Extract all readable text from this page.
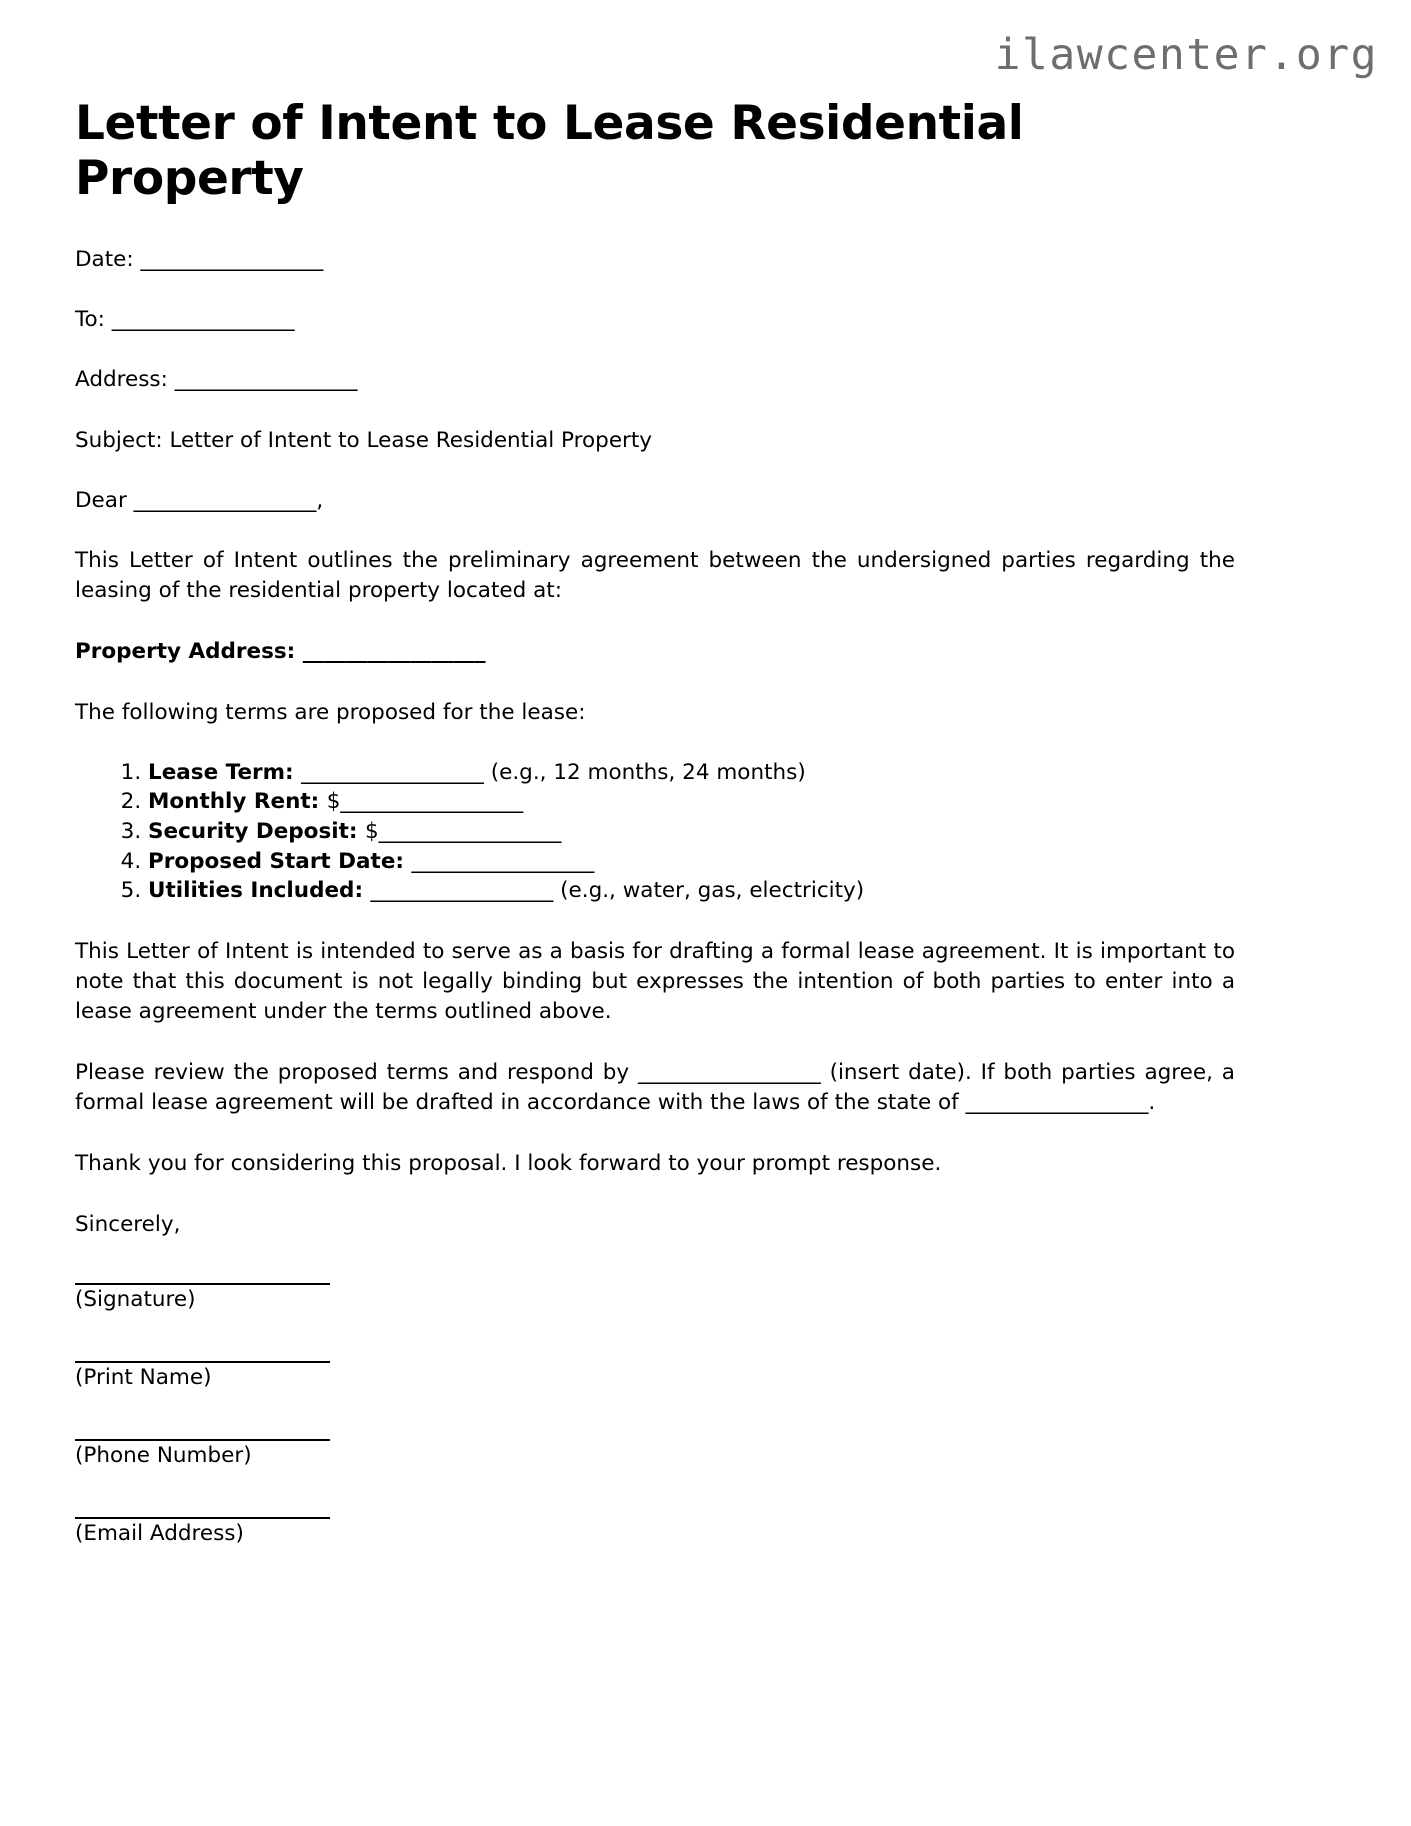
ilawcenter.org
Letter of Intent to Lease Residential Property

Date: _________________

To: _________________

Address: _________________

Subject: Letter of Intent to Lease Residential Property

Dear _________________,

This Letter of Intent outlines the preliminary agreement between the undersigned parties regarding the leasing of the residential property located at:

Property Address: _________________

The following terms are proposed for the lease:

1. Lease Term: _________________ (e.g., 12 months, 24 months)
2. Monthly Rent: $_________________
3. Security Deposit: $_________________
4. Proposed Start Date: _________________
5. Utilities Included: _________________ (e.g., water, gas, electricity)

This Letter of Intent is intended to serve as a basis for drafting a formal lease agreement. It is important to note that this document is not legally binding but expresses the intention of both parties to enter into a lease agreement under the terms outlined above.

Please review the proposed terms and respond by _________________ (insert date). If both parties agree, a formal lease agreement will be drafted in accordance with the laws of the state of _________________.

Thank you for considering this proposal. I look forward to your prompt response.

Sincerely,

(Signature)
(Print Name)
(Phone Number)
(Email Address)
